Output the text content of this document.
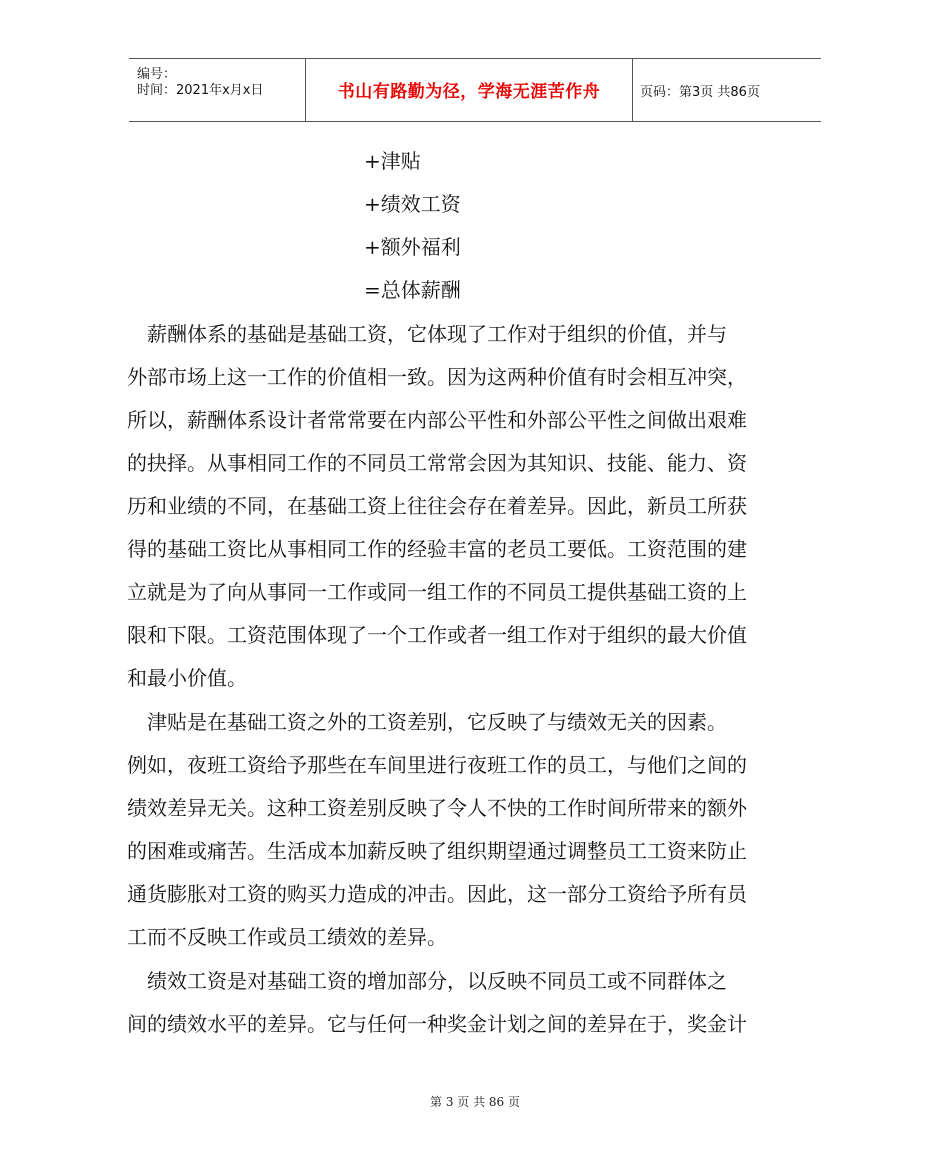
编号：
时间：2021年x月x日	书山有路勤为径，学海无涯苦作舟	页码：第3页 共86页
+津贴
+绩效工资
+额外福利
=总体薪酬
　薪酬体系的基础是基础工资，它体现了工作对于组织的价值，并与
外部市场上这一工作的价值相一致。因为这两种价值有时会相互冲突，
所以，薪酬体系设计者常常要在内部公平性和外部公平性之间做出艰难
的抉择。从事相同工作的不同员工常常会因为其知识、技能、能力、资
历和业绩的不同，在基础工资上往往会存在着差异。因此，新员工所获
得的基础工资比从事相同工作的经验丰富的老员工要低。工资范围的建
立就是为了向从事同一工作或同一组工作的不同员工提供基础工资的上
限和下限。工资范围体现了一个工作或者一组工作对于组织的最大价值
和最小价值。
　津贴是在基础工资之外的工资差别，它反映了与绩效无关的因素。
例如，夜班工资给予那些在车间里进行夜班工作的员工，与他们之间的
绩效差异无关。这种工资差别反映了令人不快的工作时间所带来的额外
的困难或痛苦。生活成本加薪反映了组织期望通过调整员工工资来防止
通货膨胀对工资的购买力造成的冲击。因此，这一部分工资给予所有员
工而不反映工作或员工绩效的差异。
　绩效工资是对基础工资的增加部分，以反映不同员工或不同群体之
间的绩效水平的差异。它与任何一种奖金计划之间的差异在于，奖金计
第 3 页 共 86 页
